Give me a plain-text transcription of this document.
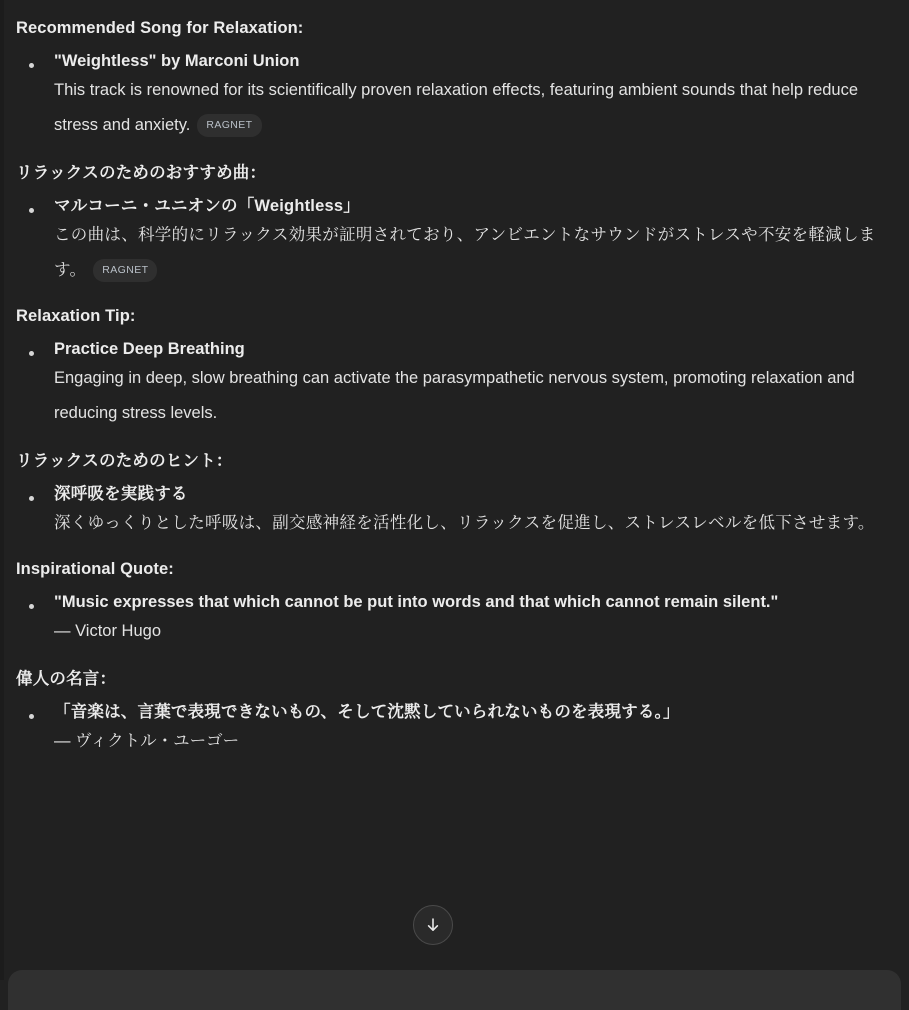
Recommended Song for Relaxation:
"Weightless" by Marconi Union
This track is renowned for its scientifically proven relaxation effects, featuring ambient sounds that help reduce stress and anxiety. RAGNET
リラックスのためのおすすめ曲：
マルコーニ・ユニオンの「Weightless」
この曲は、科学的にリラックス効果が証明されており、アンビエントなサウンドがストレスや不安を軽減します。 RAGNET
Relaxation Tip:
Practice Deep Breathing
Engaging in deep, slow breathing can activate the parasympathetic nervous system, promoting relaxation and reducing stress levels.
リラックスのためのヒント：
深呼吸を実践する
深くゆっくりとした呼吸は、副交感神経を活性化し、リラックスを促進し、ストレスレベルを低下させます。
Inspirational Quote:
"Music expresses that which cannot be put into words and that which cannot remain silent."
— Victor Hugo
偉人の名言：
「音楽は、言葉で表現できないもの、そして沈黙していられないものを表現する。」
— ヴィクトル・ユーゴー
